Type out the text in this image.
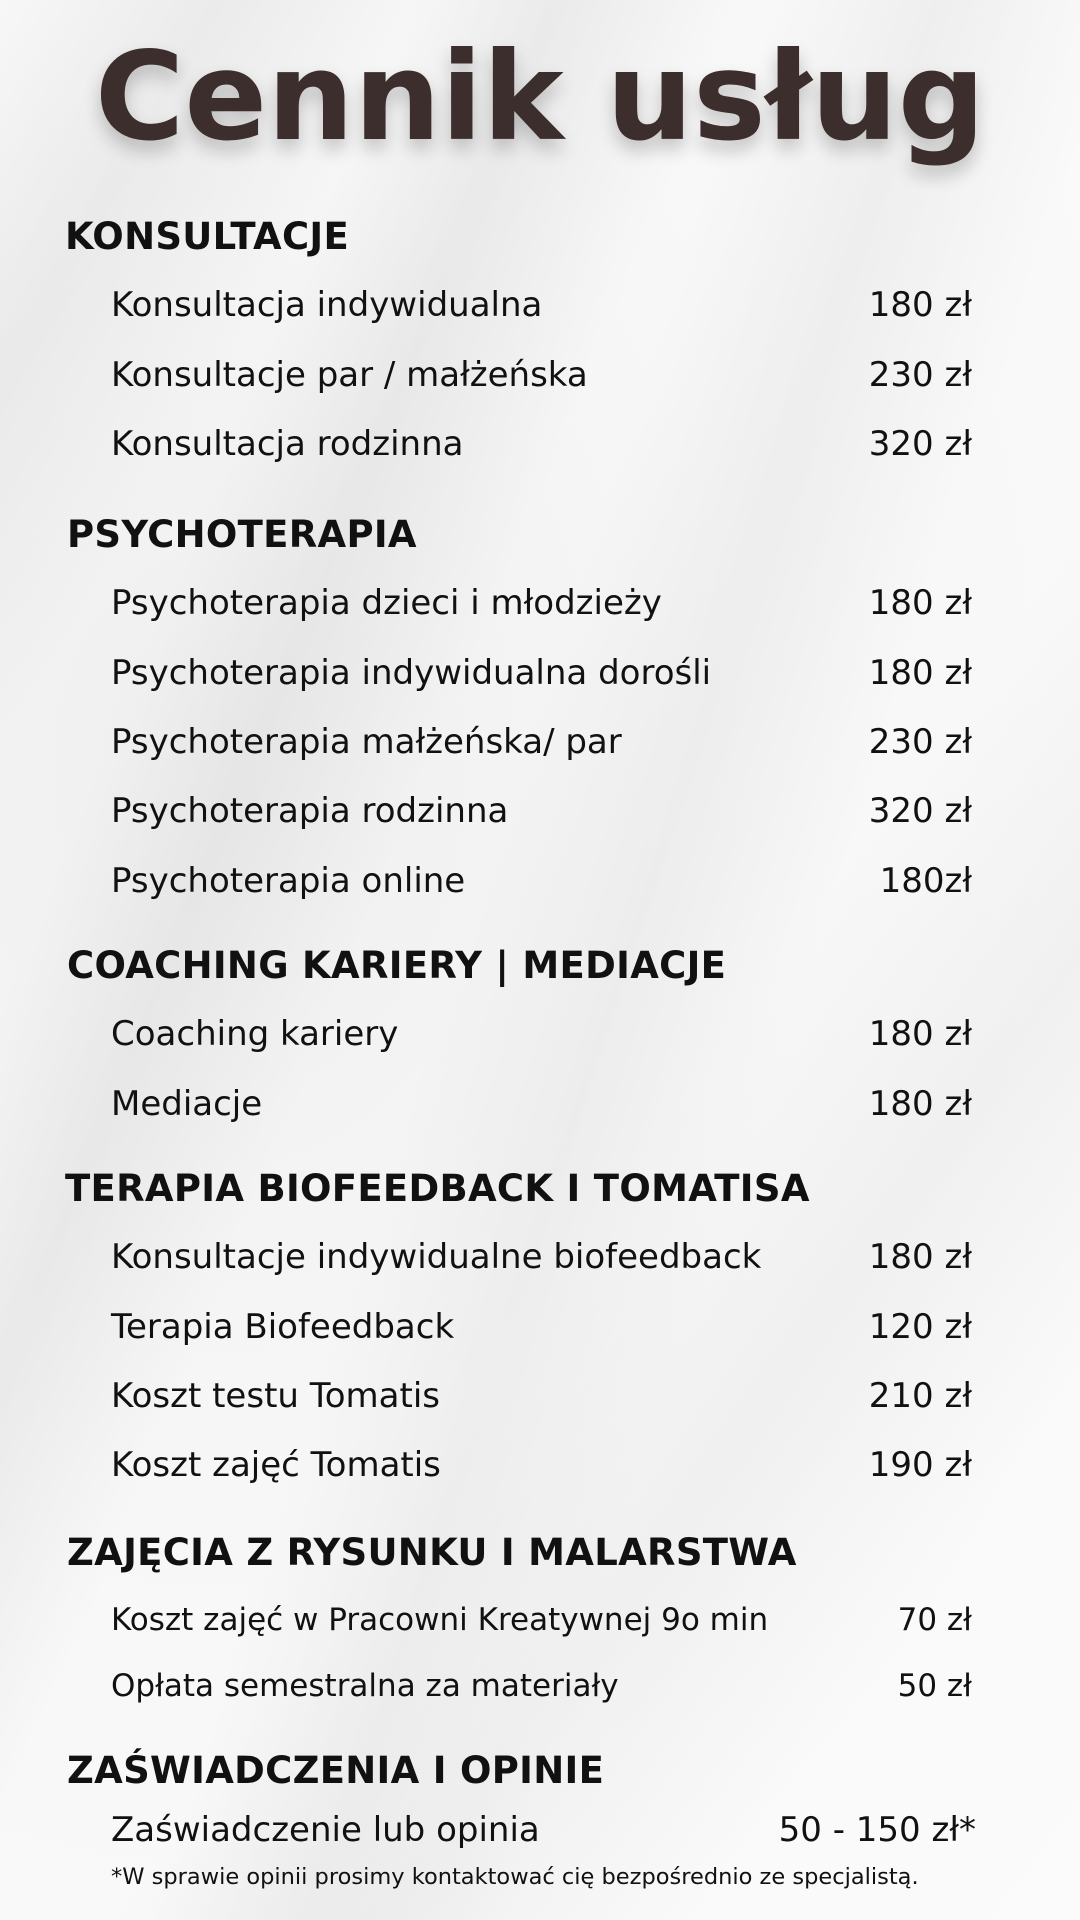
Cennik usług
KONSULTACJE
Konsultacja indywidualna	180 zł
Konsultacje par / małżeńska	230 zł
Konsultacja rodzinna	320 zł
PSYCHOTERAPIA
Psychoterapia dzieci i młodzieży	180 zł
Psychoterapia indywidualna dorośli	180 zł
Psychoterapia małżeńska/ par	230 zł
Psychoterapia rodzinna	320 zł
Psychoterapia online	180zł
COACHING KARIERY | MEDIACJE
Coaching kariery	180 zł
Mediacje	180 zł
TERAPIA BIOFEEDBACK I TOMATISA
Konsultacje indywidualne biofeedback	180 zł
Terapia Biofeedback	120 zł
Koszt testu Tomatis	210 zł
Koszt zajęć Tomatis	190 zł
ZAJĘCIA Z RYSUNKU I MALARSTWA
Koszt zajęć w Pracowni Kreatywnej 9o min	70 zł
Opłata semestralna za materiały	50 zł
ZAŚWIADCZENIA I OPINIE
Zaświadczenie lub opinia	50 - 150 zł*
*W sprawie opinii prosimy kontaktować cię bezpośrednio ze specjalistą.
